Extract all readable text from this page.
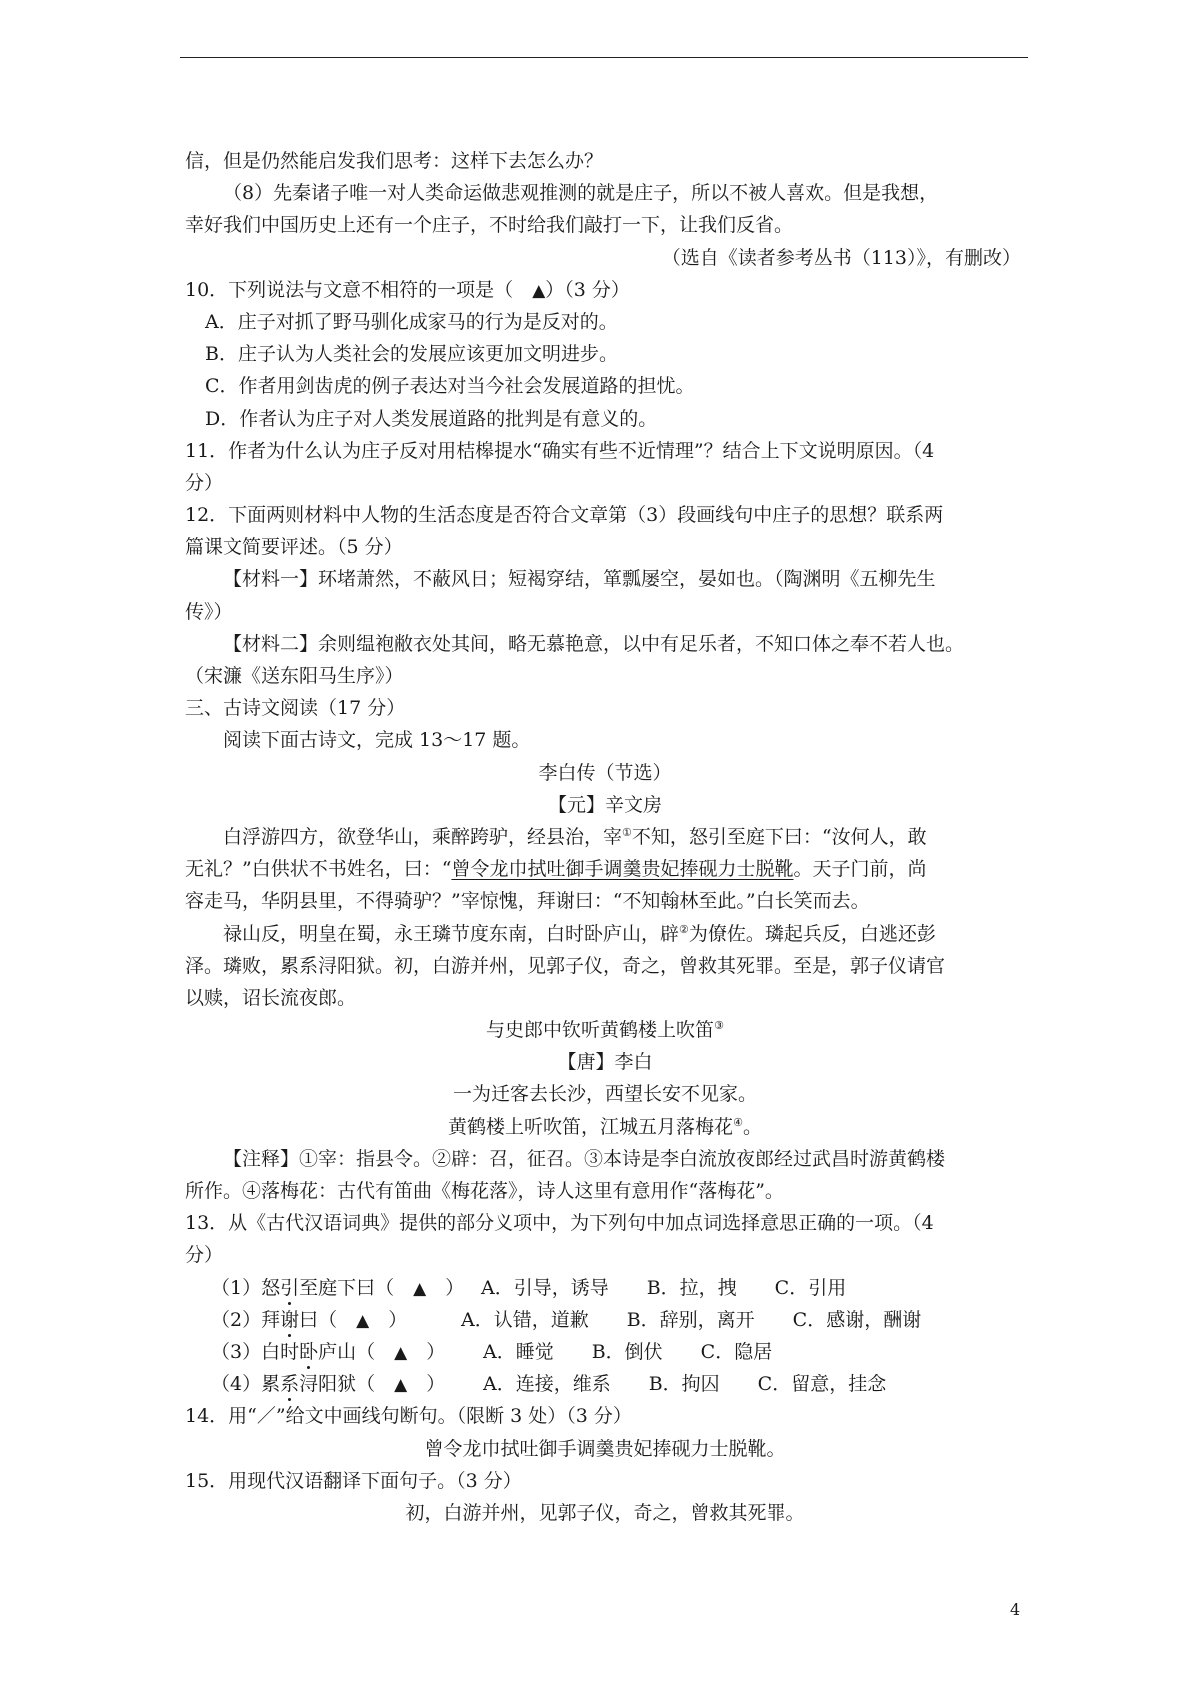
信，但是仍然能启发我们思考：这样下去怎么办？
（8）先秦诸子唯一对人类命运做悲观推测的就是庄子，所以不被人喜欢。但是我想，
幸好我们中国历史上还有一个庄子，不时给我们敲打一下，让我们反省。
（选自《读者参考丛书（113）》，有删改）
10．下列说法与文意不相符的一项是（　▲）（3 分）
A．庄子对抓了野马驯化成家马的行为是反对的。
B．庄子认为人类社会的发展应该更加文明进步。
C．作者用剑齿虎的例子表达对当今社会发展道路的担忧。
D．作者认为庄子对人类发展道路的批判是有意义的。
11．作者为什么认为庄子反对用桔槔提水“确实有些不近情理”？结合上下文说明原因。（4
分）
12．下面两则材料中人物的生活态度是否符合文章第（3）段画线句中庄子的思想？联系两
篇课文简要评述。（5 分）
【材料一】环堵萧然，不蔽风日；短褐穿结，箪瓢屡空，晏如也。（陶渊明《五柳先生
传》）
【材料二】余则缊袍敝衣处其间，略无慕艳意，以中有足乐者，不知口体之奉不若人也。
（宋濂《送东阳马生序》）
三、古诗文阅读（17 分）
阅读下面古诗文，完成 13～17 题。
李白传（节选）
【元】辛文房
白浮游四方，欲登华山，乘醉跨驴，经县治，宰①不知，怒引至庭下曰：“汝何人，敢
无礼？”白供状不书姓名，曰：“曾令龙巾拭吐御手调羹贵妃捧砚力士脱靴。天子门前，尚
容走马，华阴县里，不得骑驴？”宰惊愧，拜谢曰：“不知翰林至此。”白长笑而去。
禄山反，明皇在蜀，永王璘节度东南，白时卧庐山，辟②为僚佐。璘起兵反，白逃还彭
泽。璘败，累系浔阳狱。初，白游并州，见郭子仪，奇之，曾救其死罪。至是，郭子仪请官
以赎，诏长流夜郎。
与史郎中钦听黄鹤楼上吹笛③
【唐】李白
一为迁客去长沙，西望长安不见家。
黄鹤楼上听吹笛，江城五月落梅花④。
【注释】①宰：指县令。②辟：召，征召。③本诗是李白流放夜郎经过武昌时游黄鹤楼
所作。④落梅花：古代有笛曲《梅花落》，诗人这里有意用作“落梅花”。
13．从《古代汉语词典》提供的部分义项中，为下列句中加点词选择意思正确的一项。（4
分）
（1）怒引至庭下曰（　▲　） A．引导，诱导　　B．拉，拽　　C．引用
（2）拜谢曰（　▲　）	A．认错，道歉　　B．辞别，离开　　C．感谢，酬谢
（3）白时卧庐山（　▲　）	A．睡觉　　B．倒伏　　C．隐居
（4）累系浔阳狱（　▲　）	A．连接，维系　　B．拘囚　　C．留意，挂念
14．用“／”给文中画线句断句。（限断 3 处）（3 分）
曾令龙巾拭吐御手调羹贵妃捧砚力士脱靴。
15．用现代汉语翻译下面句子。（3 分）
初，白游并州，见郭子仪，奇之，曾救其死罪。
4
